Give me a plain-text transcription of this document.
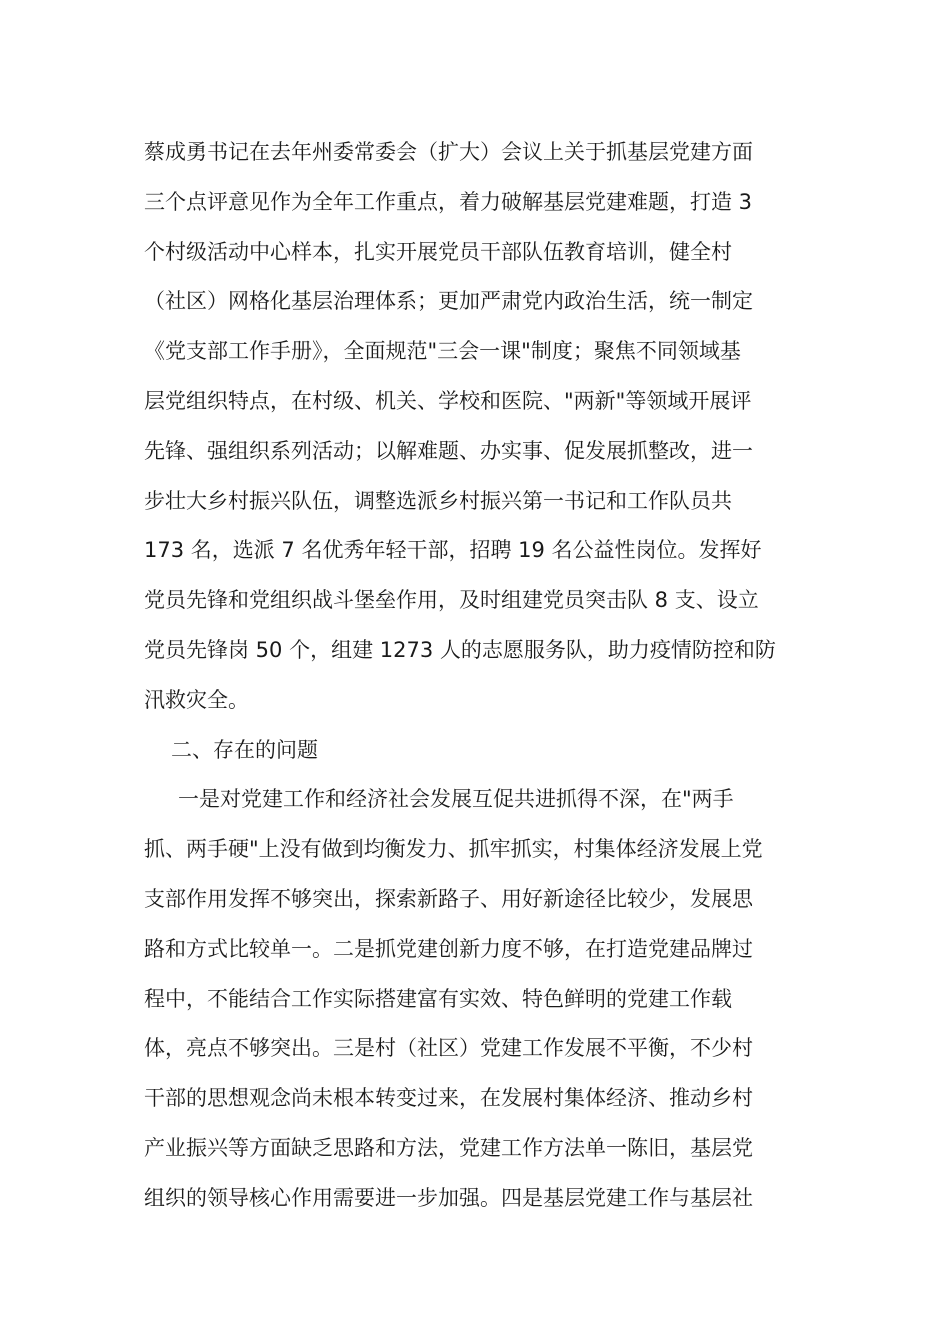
蔡成勇书记在去年州委常委会（扩大）会议上关于抓基层党建方面
三个点评意见作为全年工作重点，着力破解基层党建难题，打造 3
个村级活动中心样本，扎实开展党员干部队伍教育培训，健全村
（社区）网格化基层治理体系；更加严肃党内政治生活，统一制定
《党支部工作手册》，全面规范"三会一课"制度；聚焦不同领域基
层党组织特点，在村级、机关、学校和医院、"两新"等领域开展评
先锋、强组织系列活动；以解难题、办实事、促发展抓整改，进一
步壮大乡村振兴队伍，调整选派乡村振兴第一书记和工作队员共
173 名，选派 7 名优秀年轻干部，招聘 19 名公益性岗位。发挥好
党员先锋和党组织战斗堡垒作用，及时组建党员突击队 8 支、设立
党员先锋岗 50 个，组建 1273 人的志愿服务队，助力疫情防控和防
汛救灾全。
二、存在的问题
一是对党建工作和经济社会发展互促共进抓得不深，在"两手
抓、两手硬"上没有做到均衡发力、抓牢抓实，村集体经济发展上党
支部作用发挥不够突出，探索新路子、用好新途径比较少，发展思
路和方式比较单一。二是抓党建创新力度不够，在打造党建品牌过
程中，不能结合工作实际搭建富有实效、特色鲜明的党建工作载
体，亮点不够突出。三是村（社区）党建工作发展不平衡，不少村
干部的思想观念尚未根本转变过来，在发展村集体经济、推动乡村
产业振兴等方面缺乏思路和方法，党建工作方法单一陈旧，基层党
组织的领导核心作用需要进一步加强。四是基层党建工作与基层社
